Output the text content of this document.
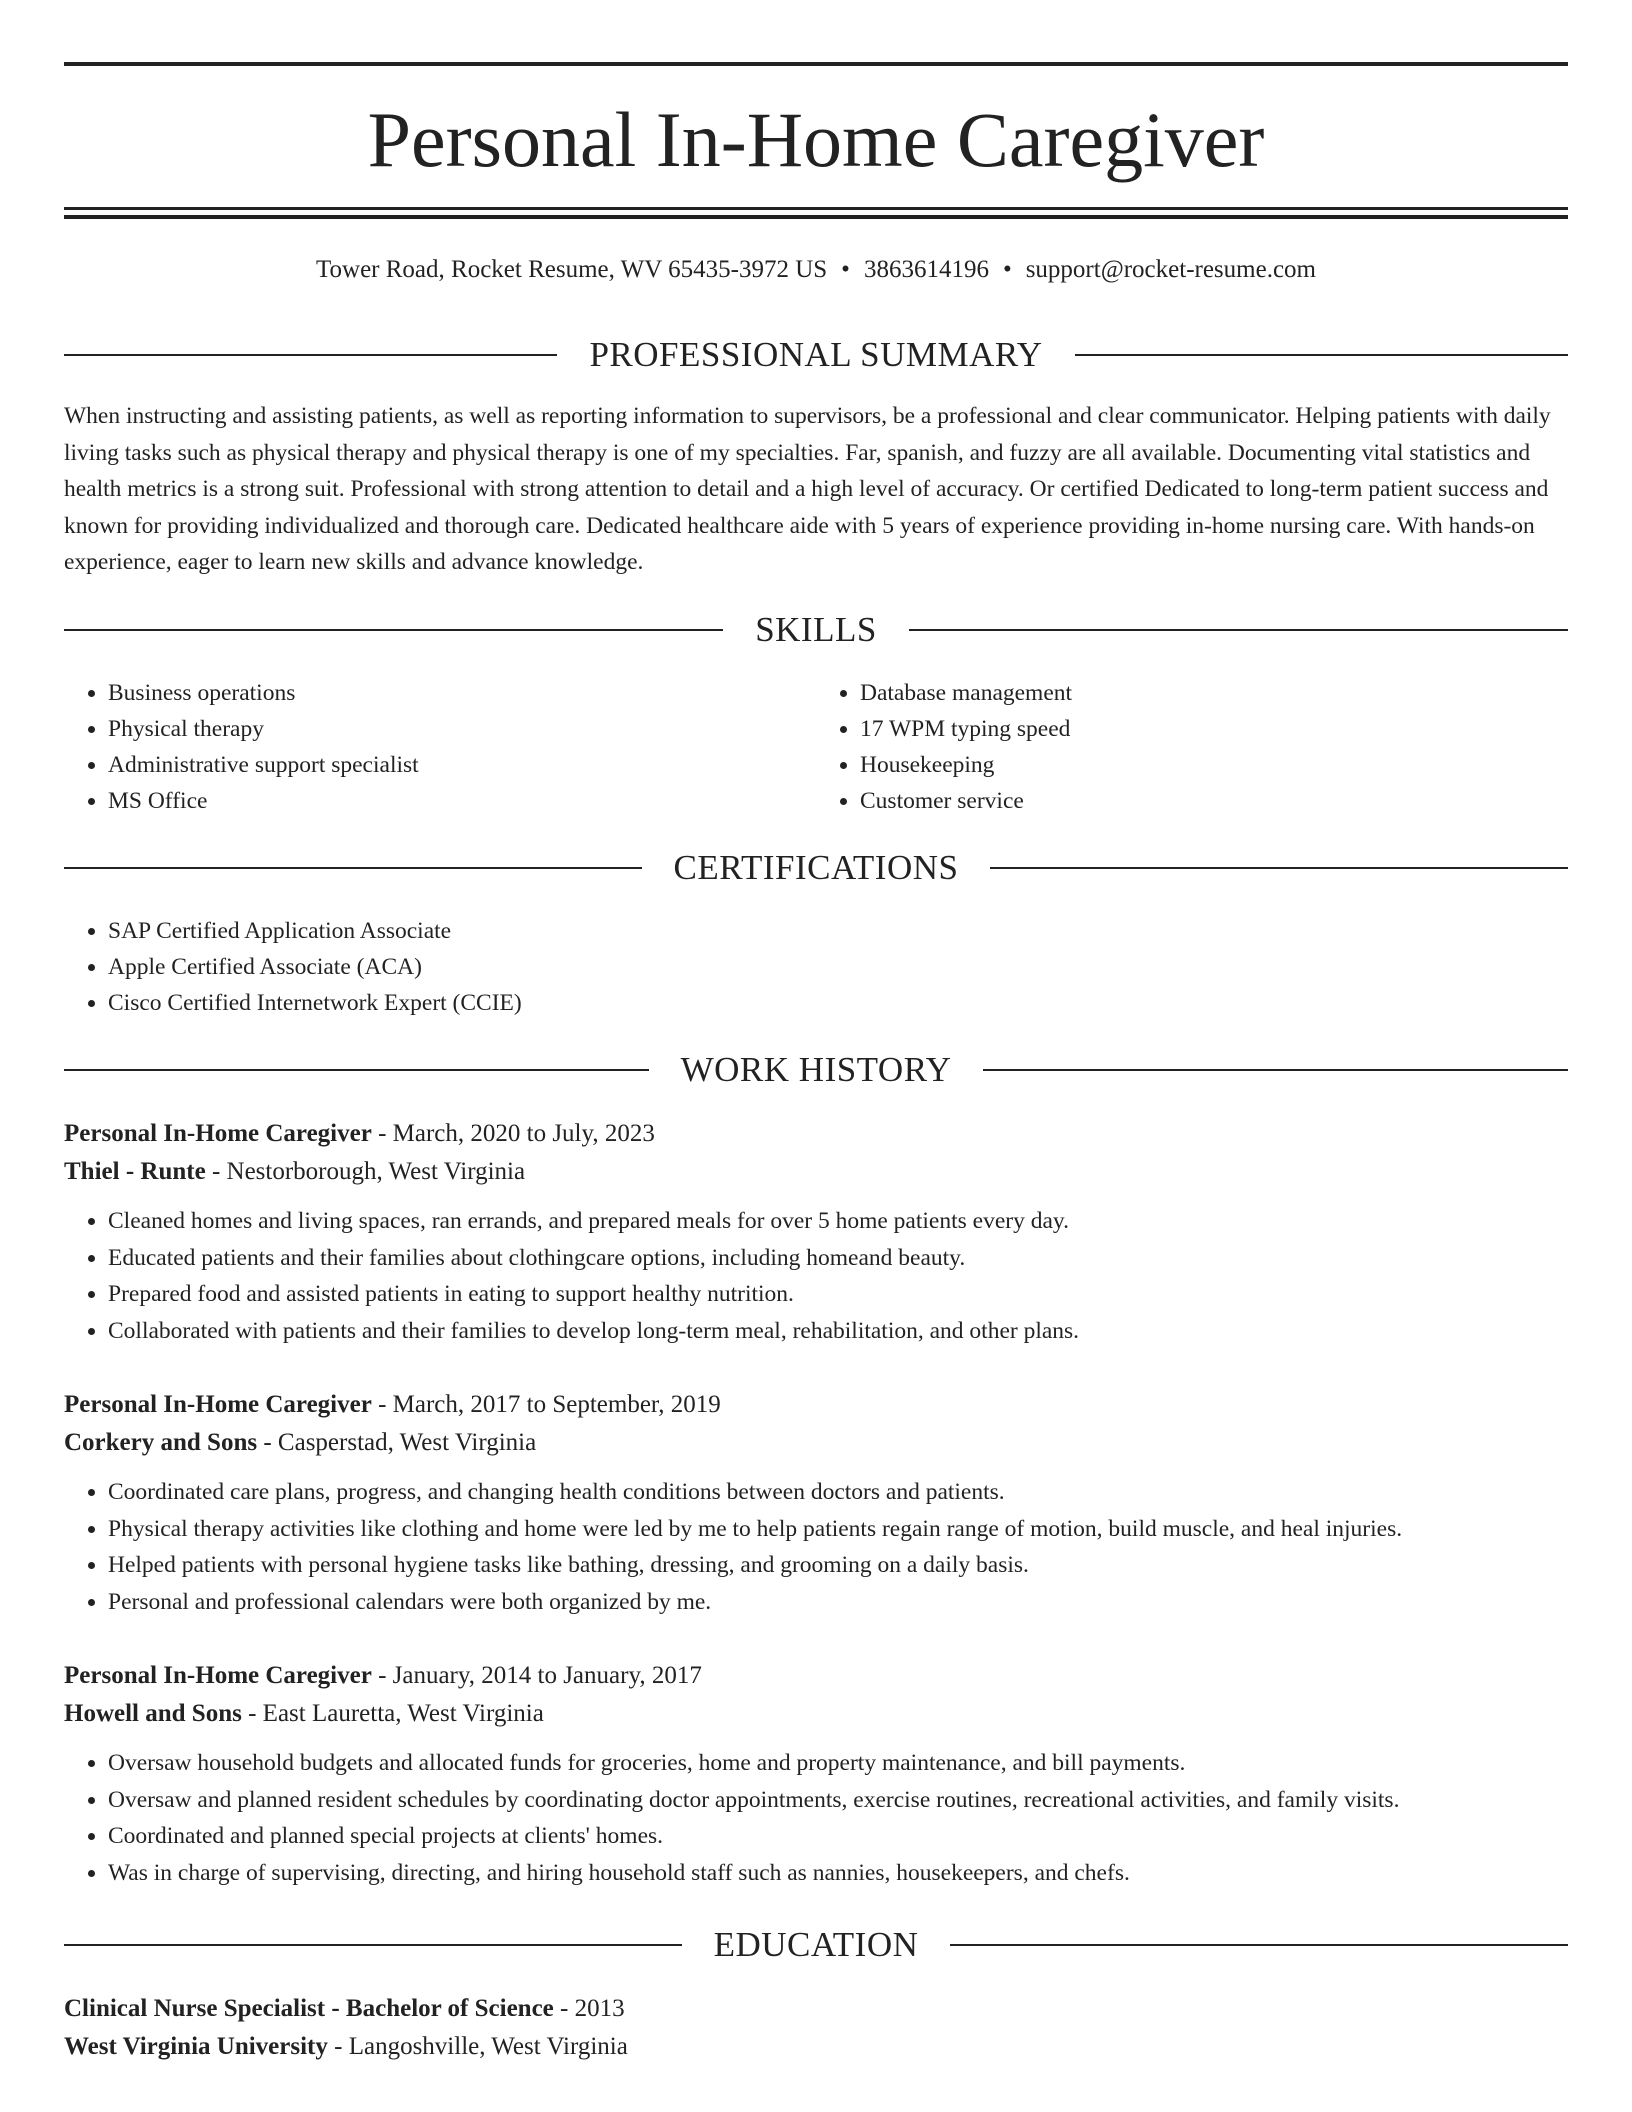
Personal In-Home Caregiver
Tower Road, Rocket Resume, WV 65435-3972 US • 3863614196 • support@rocket-resume.com
PROFESSIONAL SUMMARY

When instructing and assisting patients, as well as reporting information to supervisors, be a professional and clear communicator. Helping patients with daily living tasks such as physical therapy and physical therapy is one of my specialties. Far, spanish, and fuzzy are all available. Documenting vital statistics and health metrics is a strong suit. Professional with strong attention to detail and a high level of accuracy. Or certified Dedicated to long-term patient success and known for providing individualized and thorough care. Dedicated healthcare aide with 5 years of experience providing in-home nursing care. With hands-on experience, eager to learn new skills and advance knowledge.

SKILLS
• Business operations
• Physical therapy
• Administrative support specialist
• MS Office
• Database management
• 17 WPM typing speed
• Housekeeping
• Customer service
CERTIFICATIONS
• SAP Certified Application Associate
• Apple Certified Associate (ACA)
• Cisco Certified Internetwork Expert (CCIE)
WORK HISTORY
Personal In-Home Caregiver - March, 2020 to July, 2023
Thiel - Runte - Nestorborough, West Virginia
• Cleaned homes and living spaces, ran errands, and prepared meals for over 5 home patients every day.
• Educated patients and their families about clothingcare options, including homeand beauty.
• Prepared food and assisted patients in eating to support healthy nutrition.
• Collaborated with patients and their families to develop long-term meal, rehabilitation, and other plans.
Personal In-Home Caregiver - March, 2017 to September, 2019
Corkery and Sons - Casperstad, West Virginia
• Coordinated care plans, progress, and changing health conditions between doctors and patients.
• Physical therapy activities like clothing and home were led by me to help patients regain range of motion, build muscle, and heal injuries.
• Helped patients with personal hygiene tasks like bathing, dressing, and grooming on a daily basis.
• Personal and professional calendars were both organized by me.
Personal In-Home Caregiver - January, 2014 to January, 2017
Howell and Sons - East Lauretta, West Virginia
• Oversaw household budgets and allocated funds for groceries, home and property maintenance, and bill payments.
• Oversaw and planned resident schedules by coordinating doctor appointments, exercise routines, recreational activities, and family visits.
• Coordinated and planned special projects at clients' homes.
• Was in charge of supervising, directing, and hiring household staff such as nannies, housekeepers, and chefs.
EDUCATION
Clinical Nurse Specialist - Bachelor of Science - 2013
West Virginia University - Langoshville, West Virginia
